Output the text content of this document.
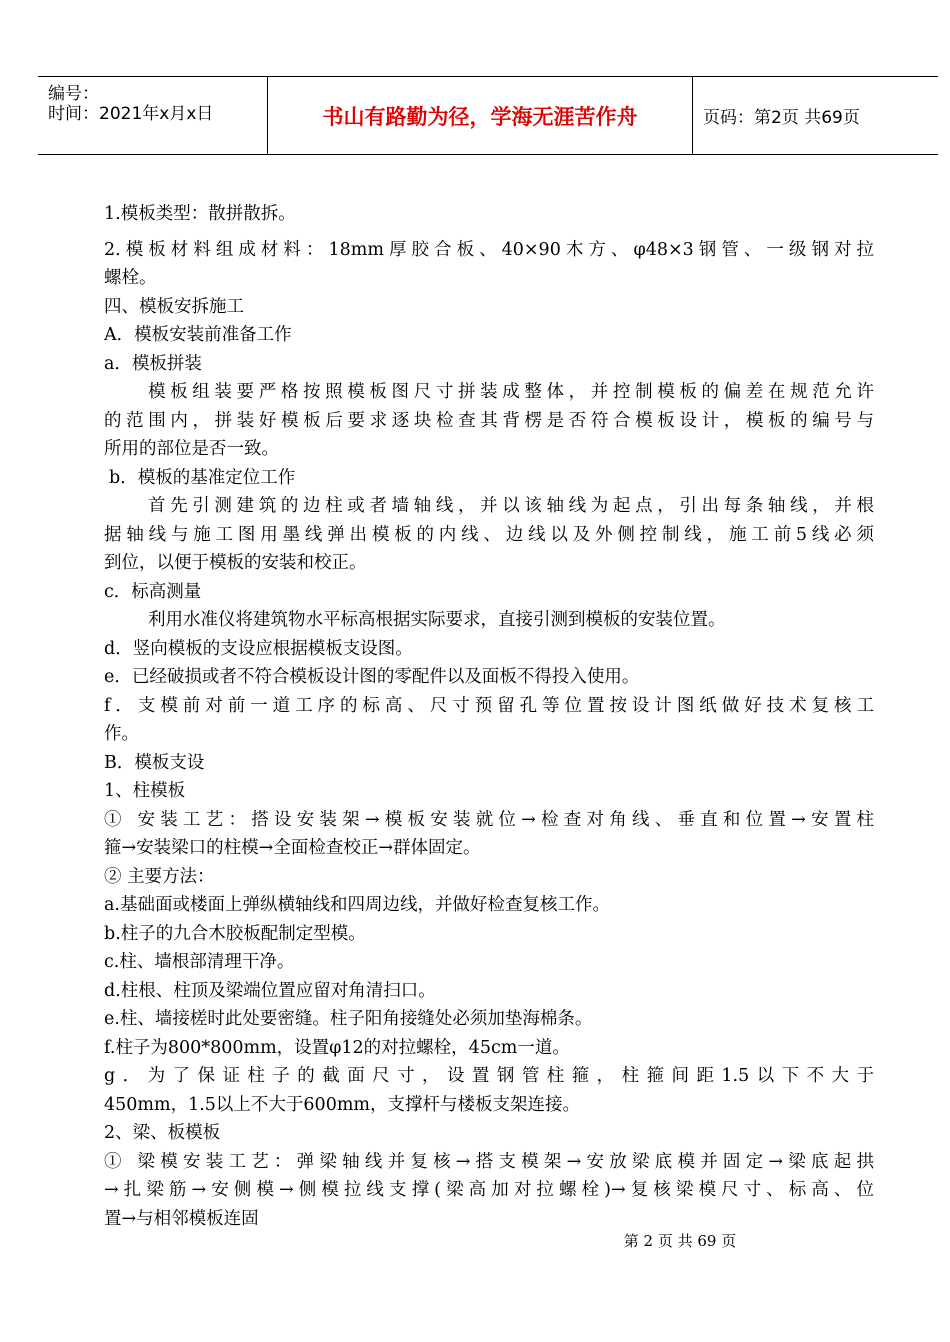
编号：
时间：2021年x月x日	书山有路勤为径，学海无涯苦作舟	页码：第2页 共69页
1.模板类型：散拼散拆。
2.模板材料组成材料：18mm厚胶合板、40×90木方、φ48×3钢管、一级钢对拉
螺栓。
四、模板安拆施工
A．模板安装前准备工作
a．模板拼装
模板组装要严格按照模板图尺寸拼装成整体，并控制模板的偏差在规范允许
的范围内，拼装好模板后要求逐块检查其背楞是否符合模板设计，模板的编号与
所用的部位是否一致。
b．模板的基准定位工作
首先引测建筑的边柱或者墙轴线，并以该轴线为起点，引出每条轴线，并根
据轴线与施工图用墨线弹出模板的内线、边线以及外侧控制线，施工前5线必须
到位，以便于模板的安装和校正。
c．标高测量
利用水准仪将建筑物水平标高根据实际要求，直接引测到模板的安装位置。
d．竖向模板的支设应根据模板支设图。
e．已经破损或者不符合模板设计图的零配件以及面板不得投入使用。
f．支模前对前一道工序的标高、尺寸预留孔等位置按设计图纸做好技术复核工
作。
B．模板支设
1、柱模板
① 安装工艺：搭设安装架→模板安装就位→检查对角线、垂直和位置→安置柱
箍→安装梁口的柱模→全面检查校正→群体固定。
② 主要方法：
a.基础面或楼面上弹纵横轴线和四周边线，并做好检查复核工作。
b.柱子的九合木胶板配制定型模。
c.柱、墙根部清理干净。
d.柱根、柱顶及梁端位置应留对角清扫口。
e.柱、墙接槎时此处要密缝。柱子阳角接缝处必须加垫海棉条。
f.柱子为800*800mm，设置φ12的对拉螺栓，45cm一道。
g．为了保证柱子的截面尺寸，设置钢管柱箍，柱箍间距1.5以下不大于
450mm，1.5以上不大于600mm，支撑杆与楼板支架连接。
2、梁、板模板
① 梁模安装工艺：弹梁轴线并复核→搭支模架→安放梁底模并固定→梁底起拱
→扎梁筋→安侧模→侧模拉线支撑(梁高加对拉螺栓)→复核梁模尺寸、标高、位
置→与相邻模板连固
第 2 页 共 69 页
